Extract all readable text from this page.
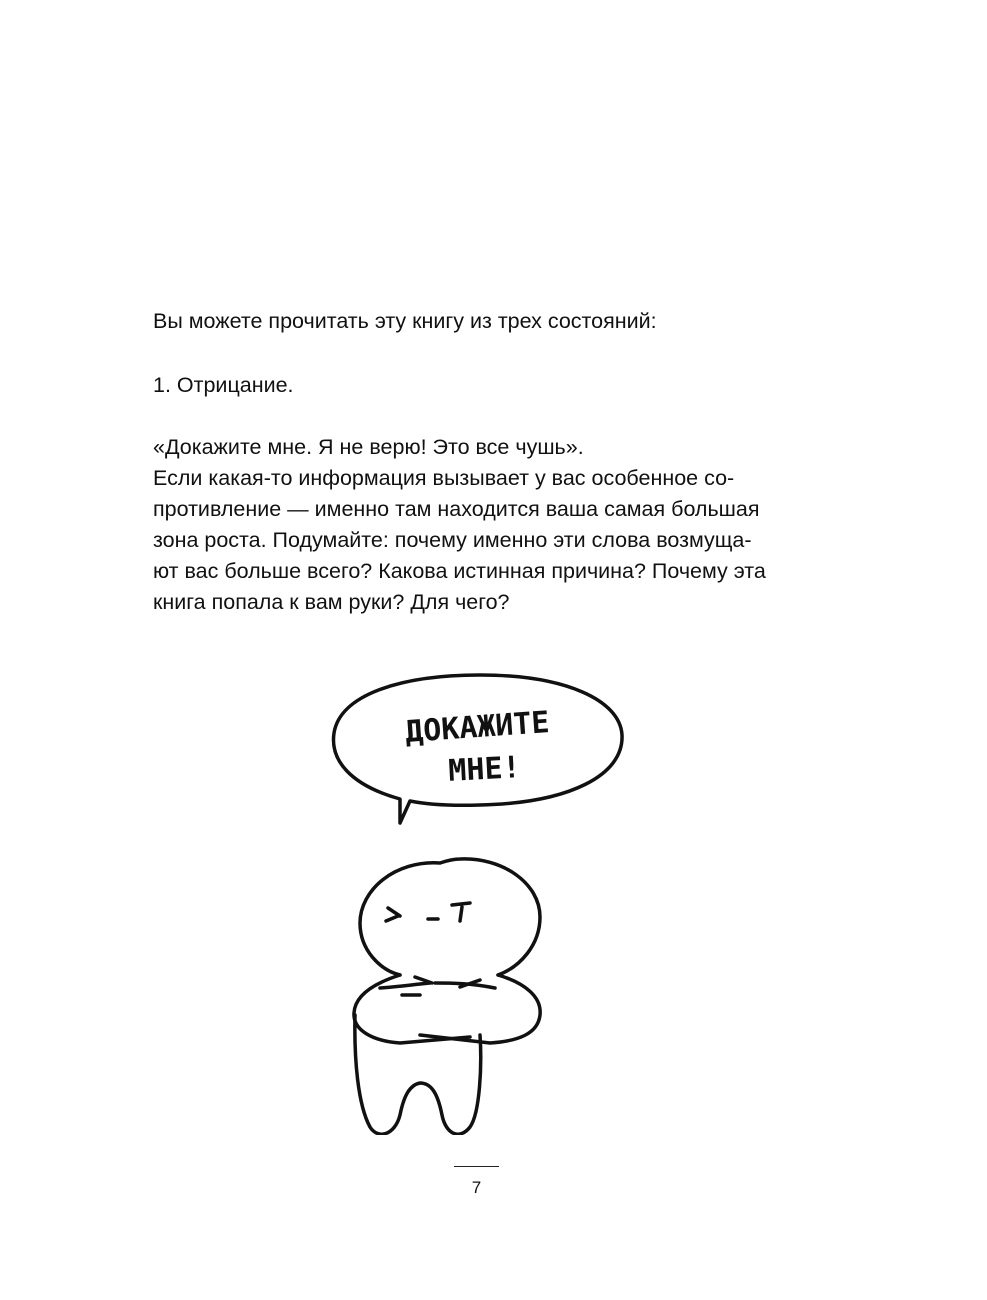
Вы можете прочитать эту книгу из трех состояний:
1. Отрицание.
«Докажите мне. Я не верю! Это все чушь».
Если какая-то информация вызывает у вас особенное со-
противление — именно там находится ваша самая большая
зона роста. Подумайте: почему именно эти слова возмуща-
ют вас больше всего? Какова истинная причина? Почему эта
книга попала к вам руки? Для чего?
ДОКАЖИТЕ
МНЕ!
7
